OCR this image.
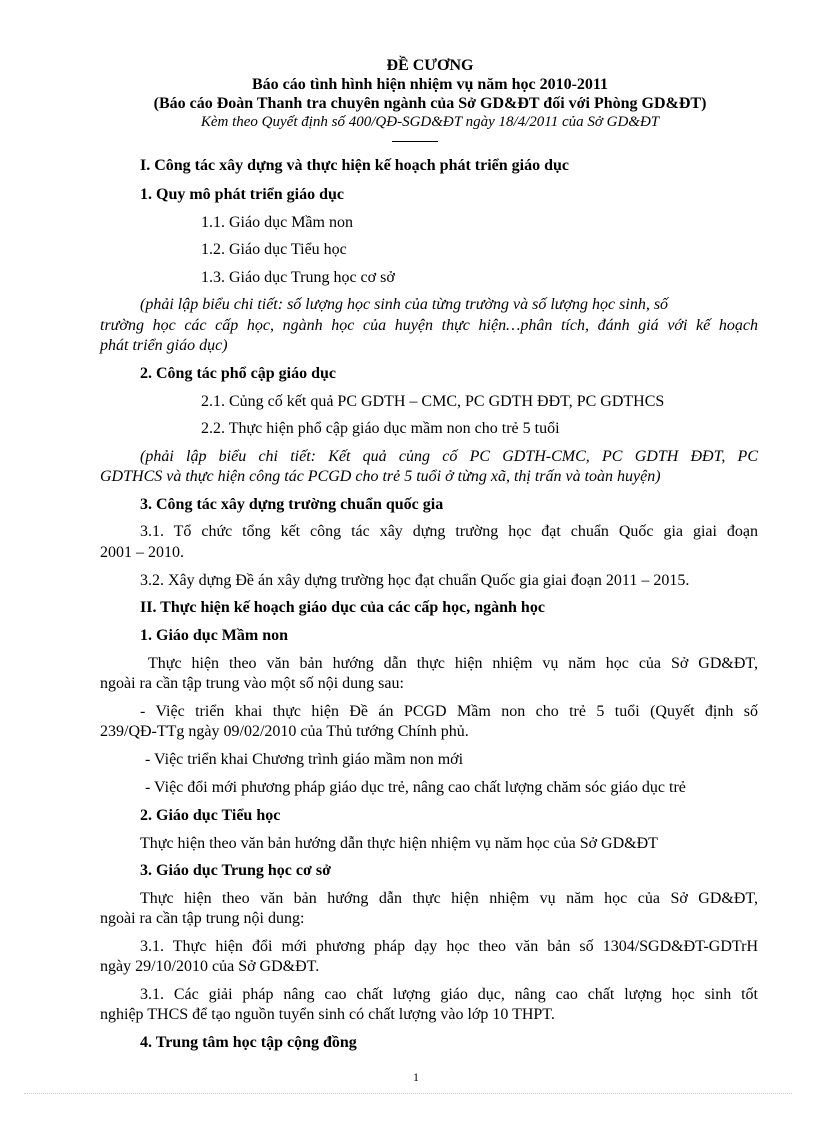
ĐỀ CƯƠNG
Báo cáo tình hình hiện nhiệm vụ năm học 2010-2011
(Báo cáo Đoàn Thanh tra chuyên ngành của Sở GD&ĐT đối với Phòng GD&ĐT)
Kèm theo Quyết định số 400/QĐ-SGD&ĐT ngày 18/4/2011 của Sở GD&ĐT
I. Công tác xây dựng và thực hiện kế hoạch phát triển giáo dục
1. Quy mô phát triển giáo dục
1.1. Giáo dục Mầm non
1.2. Giáo dục Tiểu học
1.3. Giáo dục Trung học cơ sở
(phải lập biểu chi tiết: số lượng học sinh của từng trường và số lượng học sinh, số
trường học các cấp học, ngành học của huyện thực hiện…phân tích, đánh giá với kế hoạch
phát triển giáo dục)
2. Công tác phổ cập giáo dục
2.1. Củng cố kết quả PC GDTH – CMC, PC GDTH ĐĐT, PC GDTHCS
2.2. Thực hiện phổ cập giáo dục mầm non cho trẻ 5 tuổi
(phải lập biểu chi tiết: Kết quả củng cố PC GDTH-CMC, PC GDTH ĐĐT, PC
GDTHCS và thực hiện công tác PCGD cho trẻ 5 tuổi ở từng xã, thị trấn và toàn huyện)
3. Công tác xây dựng trường chuẩn quốc gia
3.1. Tổ chức tổng kết công tác xây dựng trường học đạt chuẩn Quốc gia giai đoạn
2001 – 2010.
3.2. Xây dựng Đề án xây dựng trường học đạt chuẩn Quốc gia giai đoạn 2011 – 2015.
II. Thực hiện kế hoạch giáo dục của các cấp học, ngành học
1. Giáo dục Mầm non
Thực hiện theo văn bản hướng dẫn thực hiện nhiệm vụ năm học của Sở GD&ĐT,
ngoài ra cần tập trung vào một số nội dung sau:
- Việc triển khai thực hiện Đề án PCGD Mầm non cho trẻ 5 tuổi (Quyết định số
239/QĐ-TTg ngày 09/02/2010 của Thủ tướng Chính phủ.
- Việc triển khai Chương trình giáo mầm non mới
- Việc đổi mới phương pháp giáo dục trẻ, nâng cao chất lượng chăm sóc giáo dục trẻ
2. Giáo dục Tiểu học
Thực hiện theo văn bản hướng dẫn thực hiện nhiệm vụ năm học của Sở GD&ĐT
3. Giáo dục Trung học cơ sở
Thực hiện theo văn bản hướng dẫn thực hiện nhiệm vụ năm học của Sở GD&ĐT,
ngoài ra cần tập trung nội dung:
3.1. Thực hiện đổi mới phương pháp dạy học theo văn bản số 1304/SGD&ĐT-GDTrH
ngày 29/10/2010 của Sở GD&ĐT.
3.1. Các giải pháp nâng cao chất lượng giáo dục, nâng cao chất lượng học sinh tốt
nghiệp THCS để tạo nguồn tuyển sinh có chất lượng vào lớp 10 THPT.
4. Trung tâm học tập cộng đồng
1
